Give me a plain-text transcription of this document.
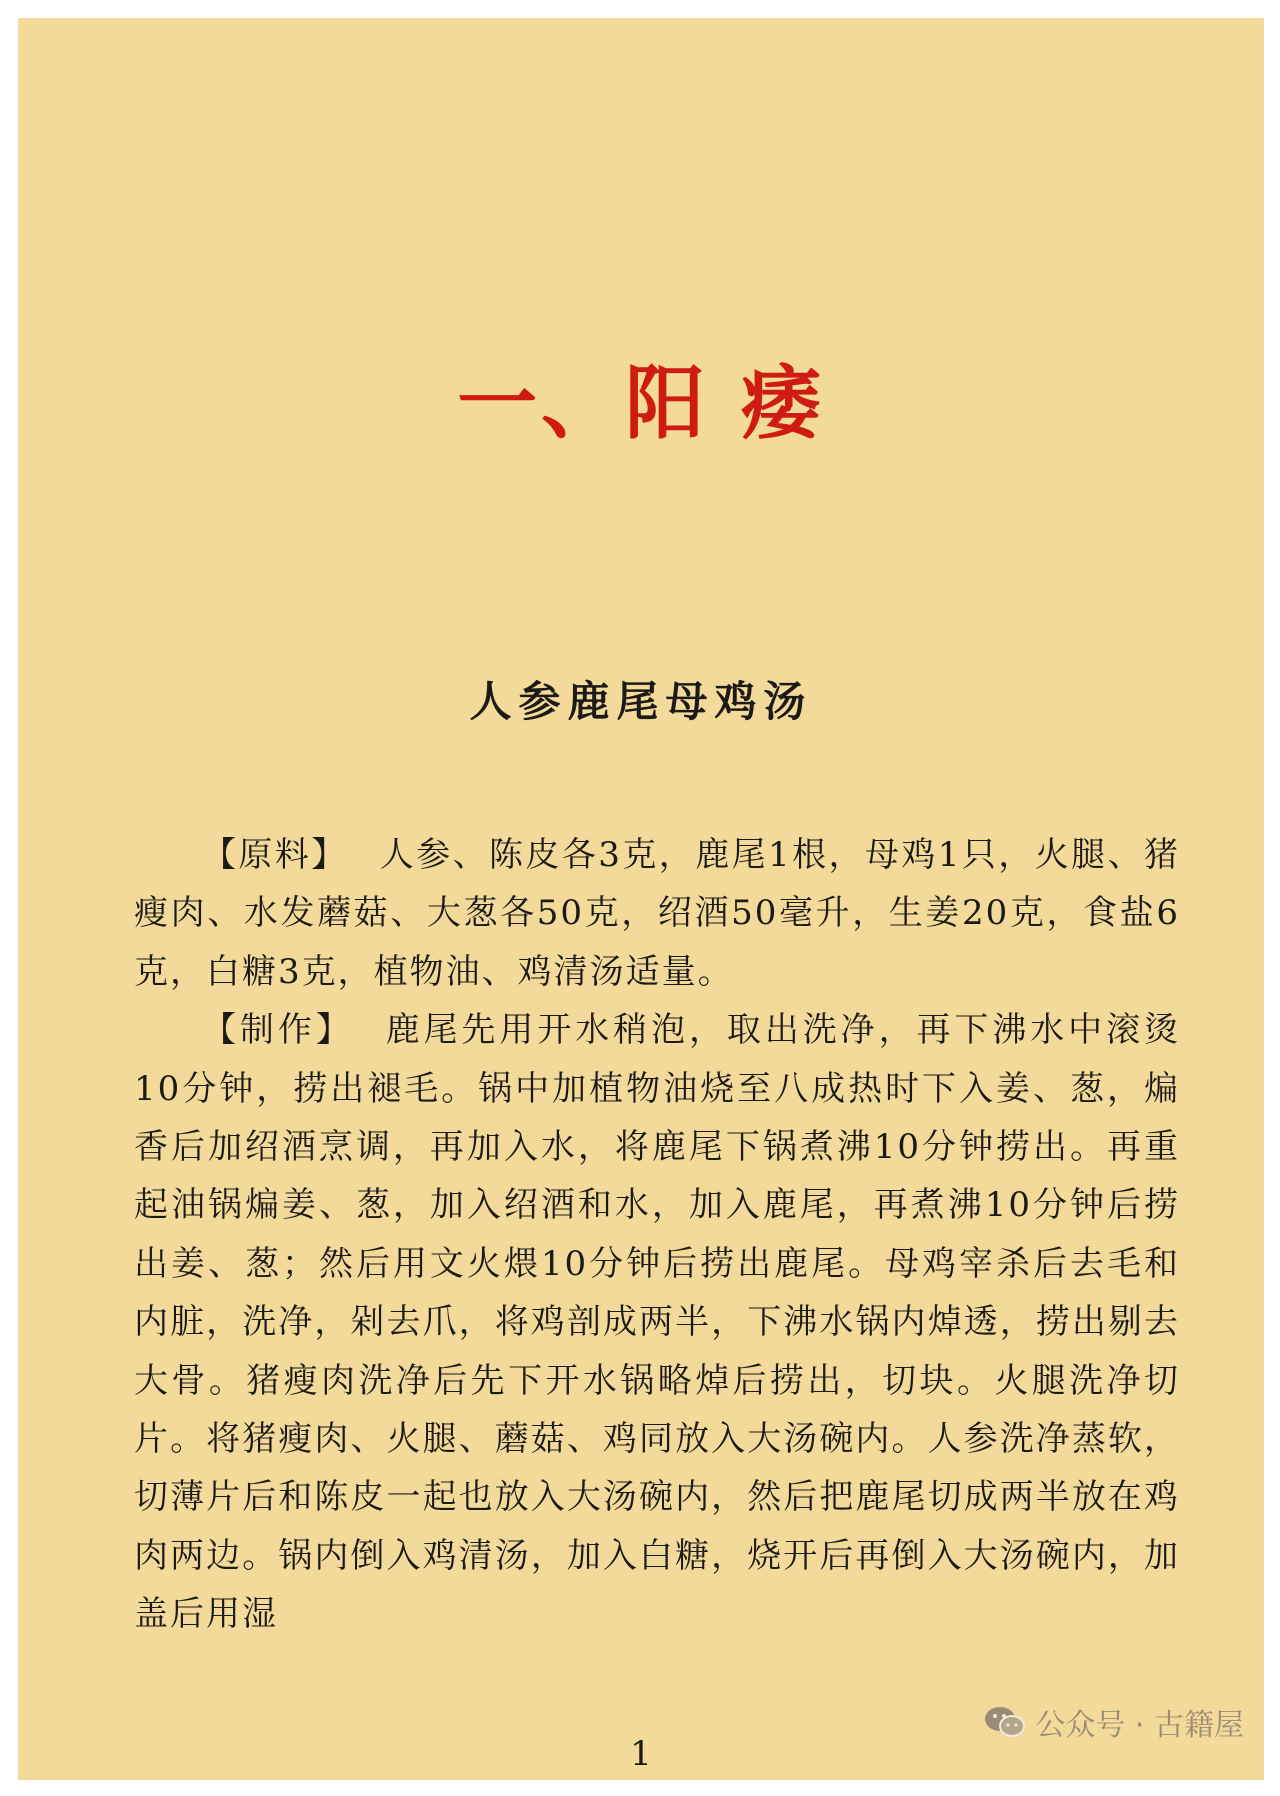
一、阳 痿
人参鹿尾母鸡汤

【原料】 人参、陈皮各3克，鹿尾1根，母鸡1只，火腿、猪瘦肉、水发蘑菇、大葱各50克，绍酒50毫升，生姜20克，食盐6克，白糖3克，植物油、鸡清汤适量。

【制作】 鹿尾先用开水稍泡，取出洗净，再下沸水中滚烫10分钟，捞出褪毛。锅中加植物油烧至八成热时下入姜、葱，煸香后加绍酒烹调，再加入水，将鹿尾下锅煮沸10分钟捞出。再重起油锅煸姜、葱，加入绍酒和水，加入鹿尾，再煮沸10分钟后捞出姜、葱；然后用文火煨10分钟后捞出鹿尾。母鸡宰杀后去毛和内脏，洗净，剁去爪，将鸡剖成两半，下沸水锅内焯透，捞出剔去大骨。猪瘦肉洗净后先下开水锅略焯后捞出，切块。火腿洗净切片。将猪瘦肉、火腿、蘑菇、鸡同放入大汤碗内。人参洗净蒸软，切薄片后和陈皮一起也放入大汤碗内，然后把鹿尾切成两半放在鸡肉两边。锅内倒入鸡清汤，加入白糖，烧开后再倒入大汤碗内，加盖后用湿

1
公众号 · 古籍屋
